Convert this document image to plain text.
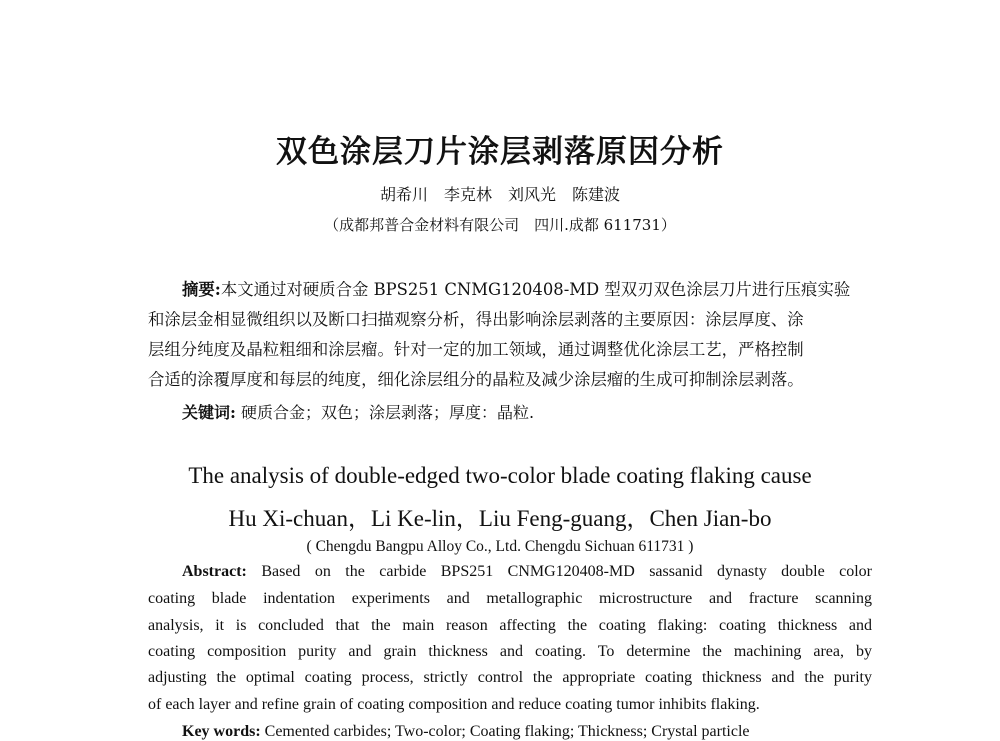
双色涂层刀片涂层剥落原因分析
胡希川　李克林　刘风光　陈建波
（成都邦普合金材料有限公司　四川.成都 611731）
摘要:本文通过对硬质合金 BPS251 CNMG120408-MD 型双刃双色涂层刀片进行压痕实验
和涂层金相显微组织以及断口扫描观察分析，得出影响涂层剥落的主要原因：涂层厚度、涂
层组分纯度及晶粒粗细和涂层瘤。针对一定的加工领域，通过调整优化涂层工艺，严格控制
合适的涂覆厚度和每层的纯度，细化涂层组分的晶粒及减少涂层瘤的生成可抑制涂层剥落。
关键词: 硬质合金；双色；涂层剥落；厚度：晶粒.
The analysis of double-edged two-color blade coating flaking cause
Hu Xi-chuan，Li Ke-lin，Liu Feng-guang，Chen Jian-bo
( Chengdu Bangpu Alloy Co., Ltd. Chengdu Sichuan 611731 )
Abstract: Based on the carbide BPS251 CNMG120408-MD sassanid dynasty double color
coating blade indentation experiments and metallographic microstructure and fracture scanning
analysis, it is concluded that the main reason affecting the coating flaking: coating thickness and
coating composition purity and grain thickness and coating. To determine the machining area, by
adjusting the optimal coating process, strictly control the appropriate coating thickness and the purity
of each layer and refine grain of coating composition and reduce coating tumor inhibits flaking.
Key words: Cemented carbides; Two-color; Coating flaking; Thickness; Crystal particle
